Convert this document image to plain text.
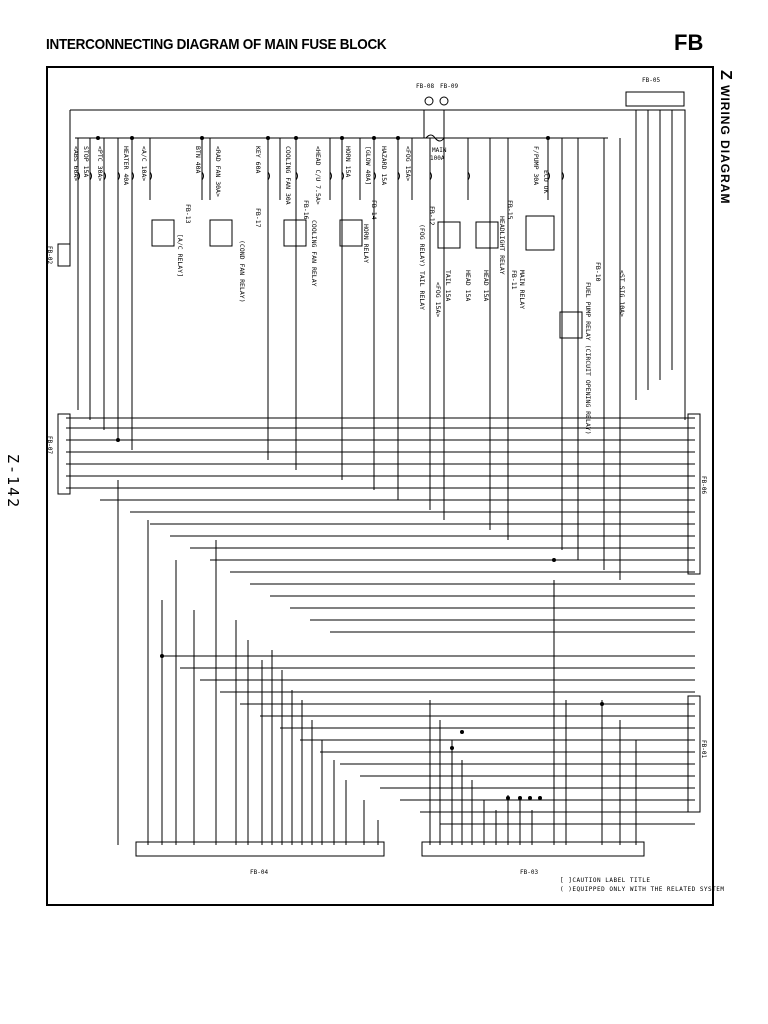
INTERCONNECTING DIAGRAM OF MAIN FUSE BLOCK	FB
Z WIRING DIAGRAM
Z-142
[ ]CAUTION LABEL TITLE
( )EQUIPPED ONLY WITH THE RELATED SYSTEM
FB-08 FB-09
FB-05
MAIN
100A
FB-04	FB-03
FB-02
FB-07
FB-06
FB-01
<ABS 60A> STOP 15A <PTC 30A>	HEATER 40A <A/C 10A>	BTN 40A <RAD FAN 30A>	KEY 60A	COOLING FAN 30A	<HEAD C/U 7.5A>	HORN 15A [GLOW 40A] HAZARD 15A <FOG 15A>	F/PUMP 30A ECU OK
TAIL 15A
<FOG 15A>	HEAD 15A HEAD 15A	<ST SIG 10A>
FB-13
[A/C RELAY]
FB-17
(COND FAN RELAY)
FB-16
COOLING FAN RELAY
FB-14
HORN RELAY
FB-12
(FOG RELAY) TAIL RELAY
FB-15
HEADLIGHT RELAY
FB-11 MAIN RELAY	FB-10
FUEL PUMP RELAY (CIRCUIT OPENING RELAY)
